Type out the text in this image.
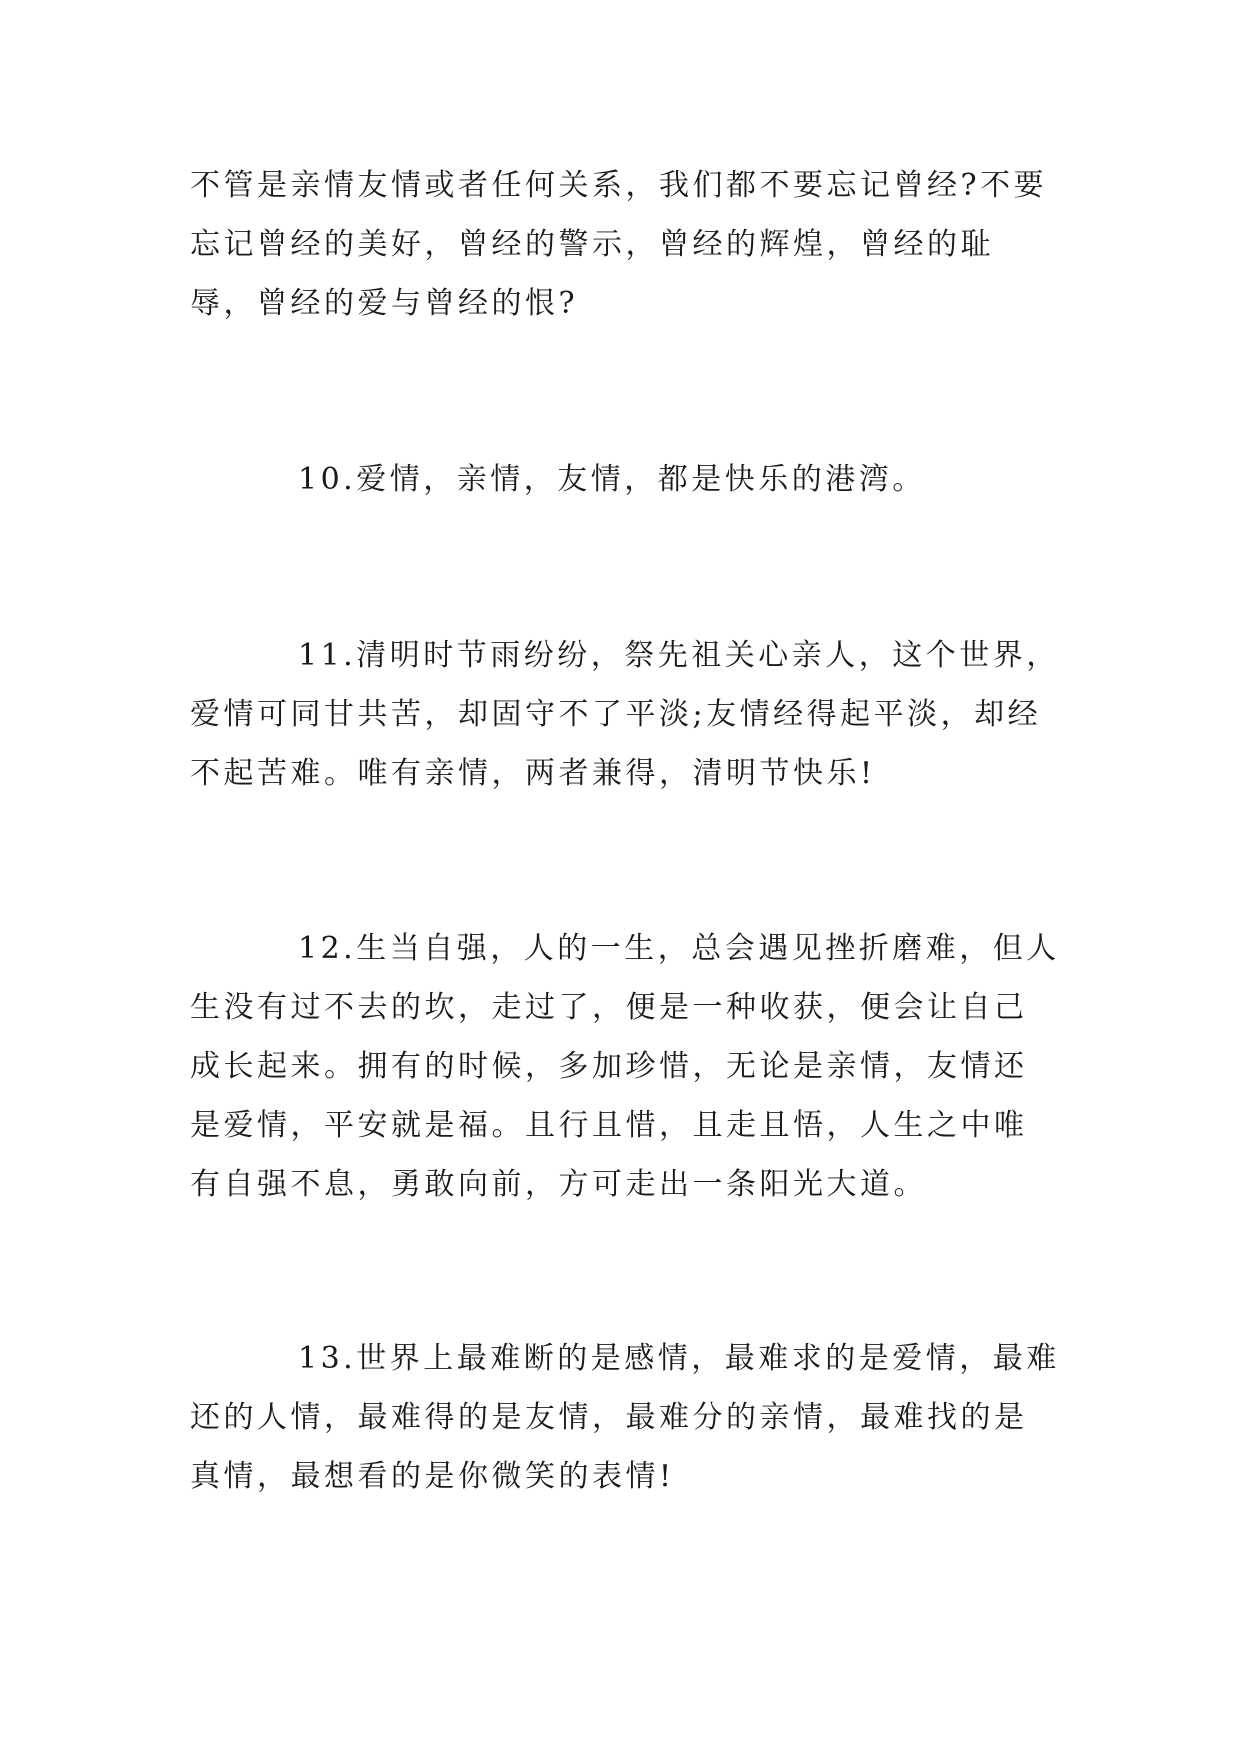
不管是亲情友情或者任何关系，我们都不要忘记曾经?不要忘记曾经的美好，曾经的警示，曾经的辉煌，曾经的耻辱，曾经的爱与曾经的恨?

10.爱情，亲情，友情，都是快乐的港湾。

11.清明时节雨纷纷，祭先祖关心亲人，这个世界，爱情可同甘共苦，却固守不了平淡;友情经得起平淡，却经不起苦难。唯有亲情，两者兼得，清明节快乐!

12.生当自强，人的一生，总会遇见挫折磨难，但人生没有过不去的坎，走过了，便是一种收获，便会让自己成长起来。拥有的时候，多加珍惜，无论是亲情，友情还是爱情，平安就是福。且行且惜，且走且悟，人生之中唯有自强不息，勇敢向前，方可走出一条阳光大道。

13.世界上最难断的是感情，最难求的是爱情，最难还的人情，最难得的是友情，最难分的亲情，最难找的是真情，最想看的是你微笑的表情!
